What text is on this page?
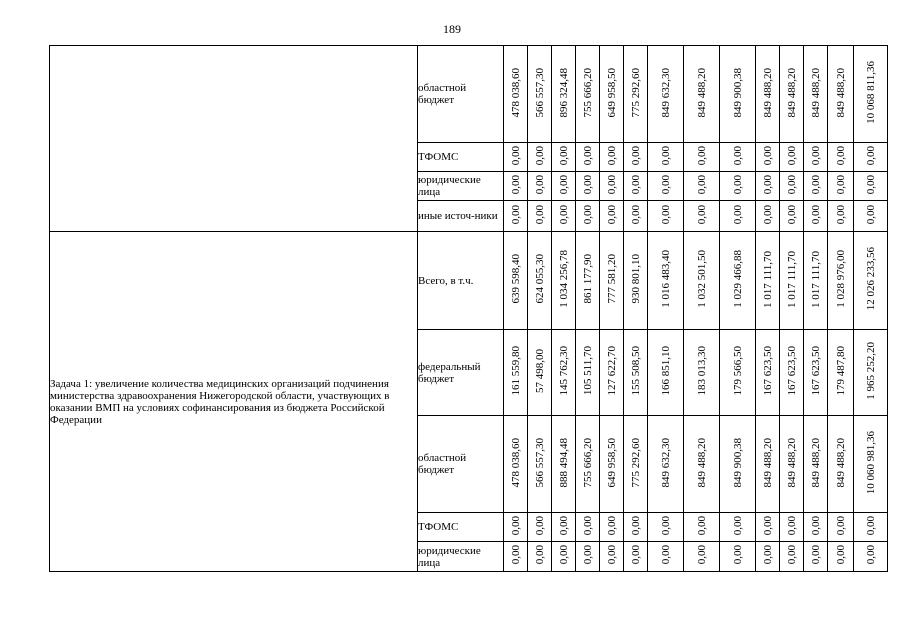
189
	областной бюджет	478 038,60	566 557,30	896 324,48	755 666,20	649 958,50	775 292,60	849 632,30	849 488,20	849 900,38	849 488,20	849 488,20	849 488,20	849 488,20	10 068 811,36
	ТФОМС	0,00	0,00	0,00	0,00	0,00	0,00	0,00	0,00	0,00	0,00	0,00	0,00	0,00	0,00
	юридические лица	0,00	0,00	0,00	0,00	0,00	0,00	0,00	0,00	0,00	0,00	0,00	0,00	0,00	0,00
	иные источ-ники	0,00	0,00	0,00	0,00	0,00	0,00	0,00	0,00	0,00	0,00	0,00	0,00	0,00	0,00
Задача 1: увеличение количества медицинских организаций подчинения министерства здравоохранения Нижегородской области, участвующих в оказании ВМП на условиях софинансирования из бюджета Российской Федерации	Всего, в т.ч.	639 598,40	624 055,30	1 034 256,78	861 177,90	777 581,20	930 801,10	1 016 483,40	1 032 501,50	1 029 466,88	1 017 111,70	1 017 111,70	1 017 111,70	1 028 976,00	12 026 233,56
	федеральный бюджет	161 559,80	57 498,00	145 762,30	105 511,70	127 622,70	155 508,50	166 851,10	183 013,30	179 566,50	167 623,50	167 623,50	167 623,50	179 487,80	1 965 252,20
	областной бюджет	478 038,60	566 557,30	888 494,48	755 666,20	649 958,50	775 292,60	849 632,30	849 488,20	849 900,38	849 488,20	849 488,20	849 488,20	849 488,20	10 060 981,36
	ТФОМС	0,00	0,00	0,00	0,00	0,00	0,00	0,00	0,00	0,00	0,00	0,00	0,00	0,00	0,00
	юридические лица	0,00	0,00	0,00	0,00	0,00	0,00	0,00	0,00	0,00	0,00	0,00	0,00	0,00	0,00
